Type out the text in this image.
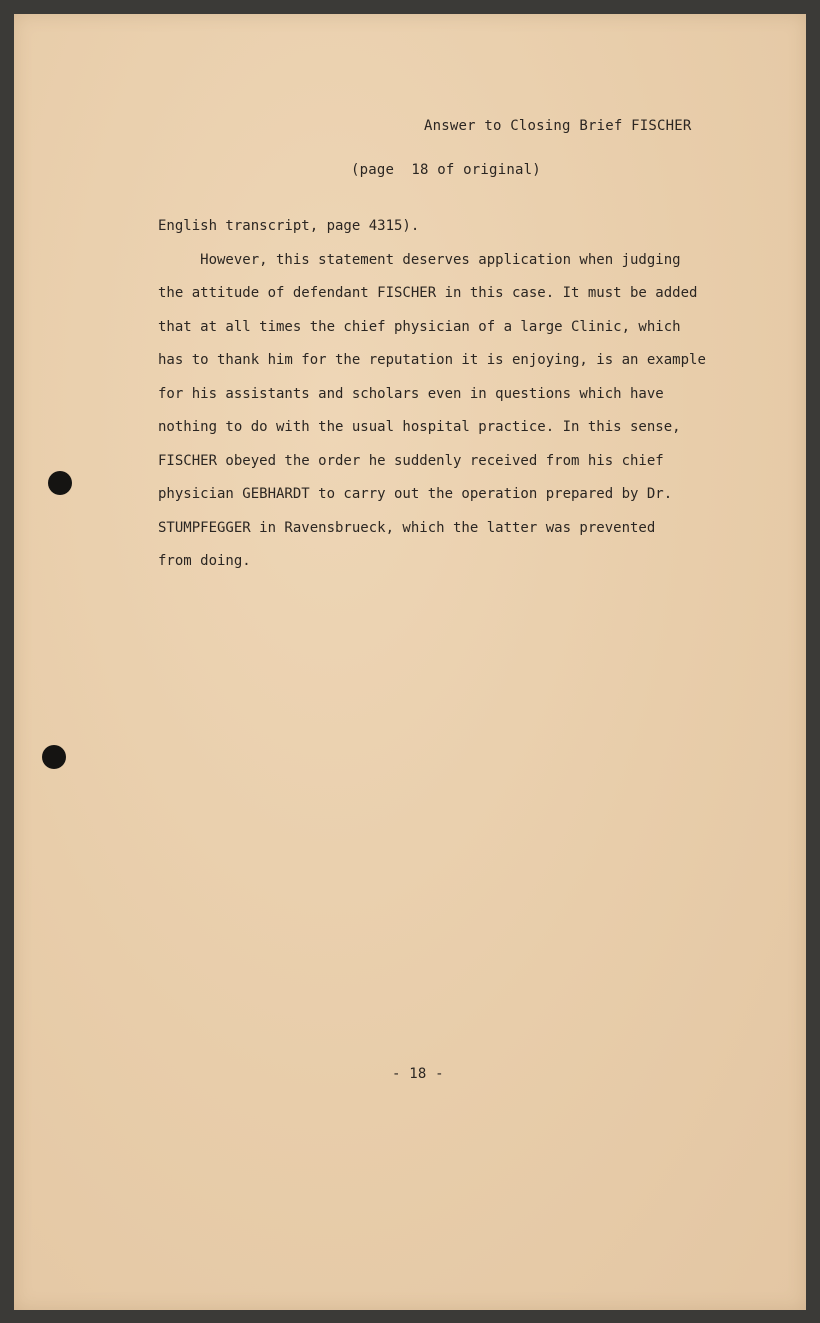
Answer to Closing Brief FISCHER
(page  18 of original)
English transcript, page 4315).
However, this statement deserves application when judging
the attitude of defendant FISCHER in this case. It must be added
that at all times the chief physician of a large Clinic, which
has to thank him for the reputation it is enjoying, is an example
for his assistants and scholars even in questions which have
nothing to do with the usual hospital practice. In this sense,
FISCHER obeyed the order he suddenly received from his chief
physician GEBHARDT to carry out the operation prepared by Dr.
STUMPFEGGER in Ravensbrueck, which the latter was prevented
from doing.
- 18 -
